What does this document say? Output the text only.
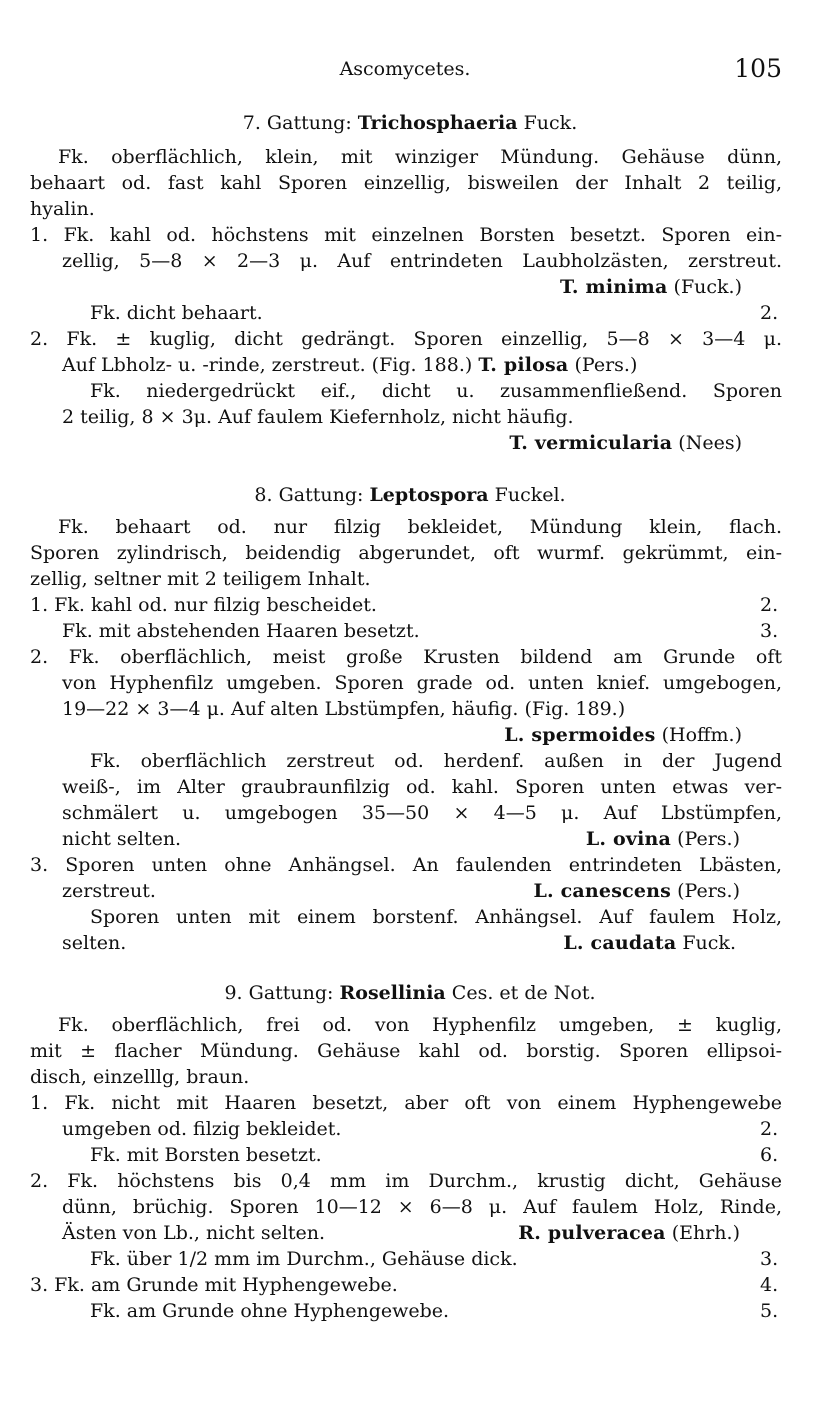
Ascomycetes.	105
7. Gattung: Trichosphaeria Fuck.
Fk. oberflächlich, klein, mit winziger Mündung. Gehäuse dünn,
behaart od. fast kahl Sporen einzellig, bisweilen der Inhalt 2 teilig,
hyalin.
1. Fk. kahl od. höchstens mit einzelnen Borsten besetzt. Sporen ein-
zellig, 5—8 × 2—3 μ. Auf entrindeten Laubholzästen, zerstreut.
T. minima (Fuck.)
Fk. dicht behaart.	2.
2. Fk. ± kuglig, dicht gedrängt. Sporen einzellig, 5—8 × 3—4 μ.
Auf Lbholz- u. -rinde, zerstreut. (Fig. 188.) T. pilosa (Pers.)
Fk. niedergedrückt eif., dicht u. zusammenfließend. Sporen
2 teilig, 8 × 3μ. Auf faulem Kiefernholz, nicht häufig.
T. vermicularia (Nees)
8. Gattung: Leptospora Fuckel.
Fk. behaart od. nur filzig bekleidet, Mündung klein, flach.
Sporen zylindrisch, beidendig abgerundet, oft wurmf. gekrümmt, ein-
zellig, seltner mit 2 teiligem Inhalt.
1. Fk. kahl od. nur filzig bescheidet.	2.
Fk. mit abstehenden Haaren besetzt.	3.
2. Fk. oberflächlich, meist große Krusten bildend am Grunde oft
von Hyphenfilz umgeben. Sporen grade od. unten knief. umgebogen,
19—22 × 3—4 μ. Auf alten Lbstümpfen, häufig. (Fig. 189.)
L. spermoides (Hoffm.)
Fk. oberflächlich zerstreut od. herdenf. außen in der Jugend
weiß-, im Alter graubraunfilzig od. kahl. Sporen unten etwas ver-
schmälert u. umgebogen 35—50 × 4—5 μ. Auf Lbstümpfen,
nicht selten.	L. ovina (Pers.)
3. Sporen unten ohne Anhängsel. An faulenden entrindeten Lbästen,
zerstreut.	L. canescens (Pers.)
Sporen unten mit einem borstenf. Anhängsel. Auf faulem Holz,
selten.	L. caudata Fuck.
9. Gattung: Rosellinia Ces. et de Not.
Fk. oberflächlich, frei od. von Hyphenfilz umgeben, ± kuglig,
mit ± flacher Mündung. Gehäuse kahl od. borstig. Sporen ellipsoi-
disch, einzelllg, braun.
1. Fk. nicht mit Haaren besetzt, aber oft von einem Hyphengewebe
umgeben od. filzig bekleidet.	2.
Fk. mit Borsten besetzt.	6.
2. Fk. höchstens bis 0,4 mm im Durchm., krustig dicht, Gehäuse
dünn, brüchig. Sporen 10—12 × 6—8 μ. Auf faulem Holz, Rinde,
Ästen von Lb., nicht selten.	R. pulveracea (Ehrh.)
Fk. über 1/2 mm im Durchm., Gehäuse dick.	3.
3. Fk. am Grunde mit Hyphengewebe.	4.
Fk. am Grunde ohne Hyphengewebe.	5.
